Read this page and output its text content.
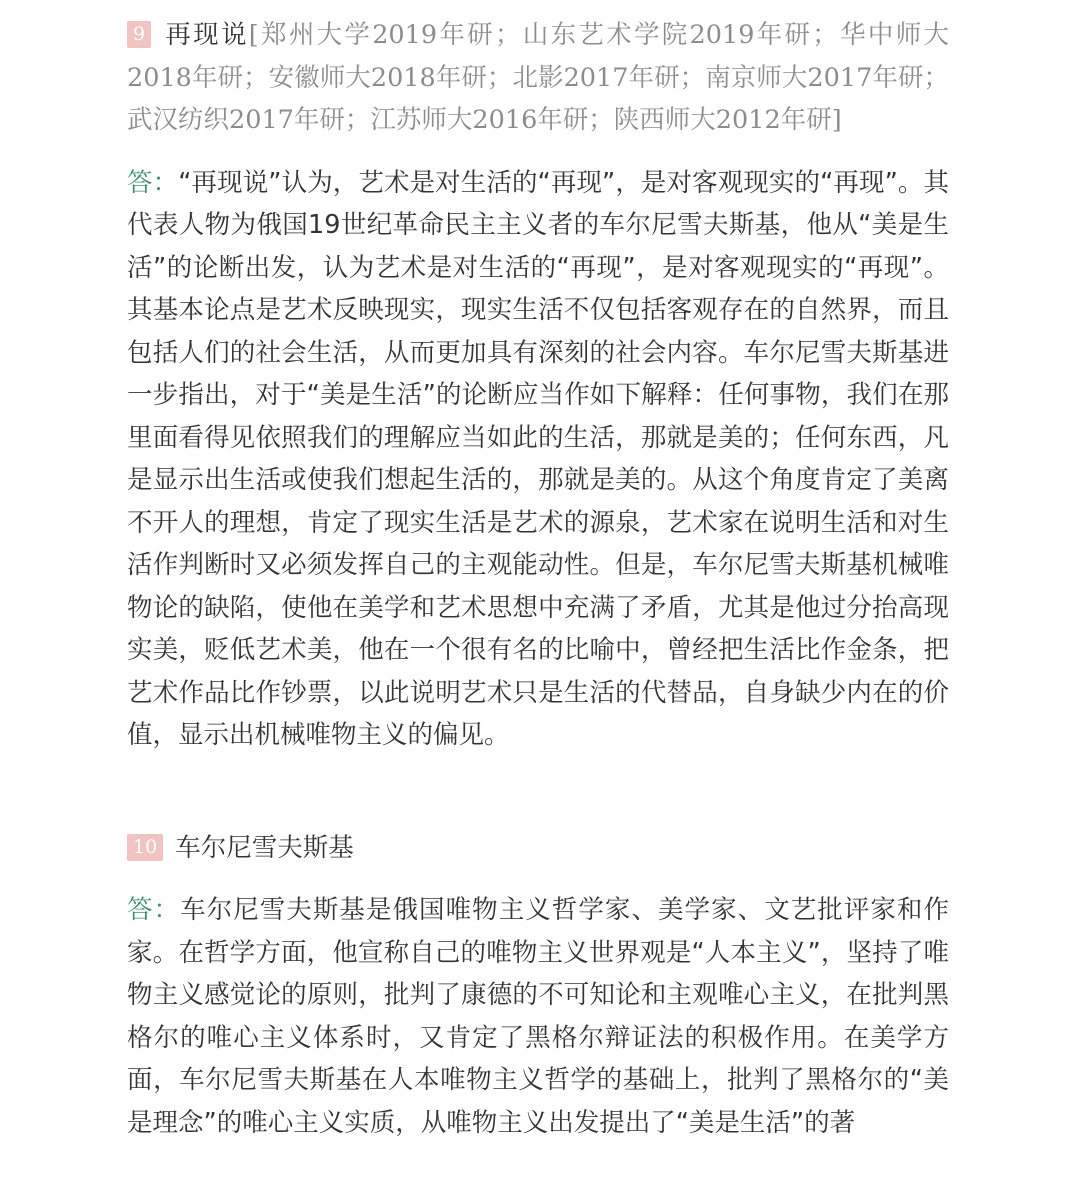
9 再现说[郑州大学2019年研；山东艺术学院2019年研；华中师大2018年研；安徽师大2018年研；北影2017年研；南京师大2017年研；武汉纺织2017年研；江苏师大2016年研；陕西师大2012年研]
答：“再现说”认为，艺术是对生活的“再现”，是对客观现实的“再现”。其代表人物为俄国19世纪革命民主主义者的车尔尼雪夫斯基，他从“美是生活”的论断出发，认为艺术是对生活的“再现”，是对客观现实的“再现”。其基本论点是艺术反映现实，现实生活不仅包括客观存在的自然界，而且包括人们的社会生活，从而更加具有深刻的社会内容。车尔尼雪夫斯基进一步指出，对于“美是生活”的论断应当作如下解释：任何事物，我们在那里面看得见依照我们的理解应当如此的生活，那就是美的；任何东西，凡是显示出生活或使我们想起生活的，那就是美的。从这个角度肯定了美离不开人的理想，肯定了现实生活是艺术的源泉，艺术家在说明生活和对生活作判断时又必须发挥自己的主观能动性。但是，车尔尼雪夫斯基机械唯物论的缺陷，使他在美学和艺术思想中充满了矛盾，尤其是他过分抬高现实美，贬低艺术美，他在一个很有名的比喻中，曾经把生活比作金条，把艺术作品比作钞票，以此说明艺术只是生活的代替品，自身缺少内在的价值，显示出机械唯物主义的偏见。
10 车尔尼雪夫斯基
答：车尔尼雪夫斯基是俄国唯物主义哲学家、美学家、文艺批评家和作家。在哲学方面，他宣称自己的唯物主义世界观是“人本主义”，坚持了唯物主义感觉论的原则，批判了康德的不可知论和主观唯心主义，在批判黑格尔的唯心主义体系时，又肯定了黑格尔辩证法的积极作用。在美学方面，车尔尼雪夫斯基在人本唯物主义哲学的基础上，批判了黑格尔的“美是理念”的唯心主义实质，从唯物主义出发提出了“美是生活”的著
